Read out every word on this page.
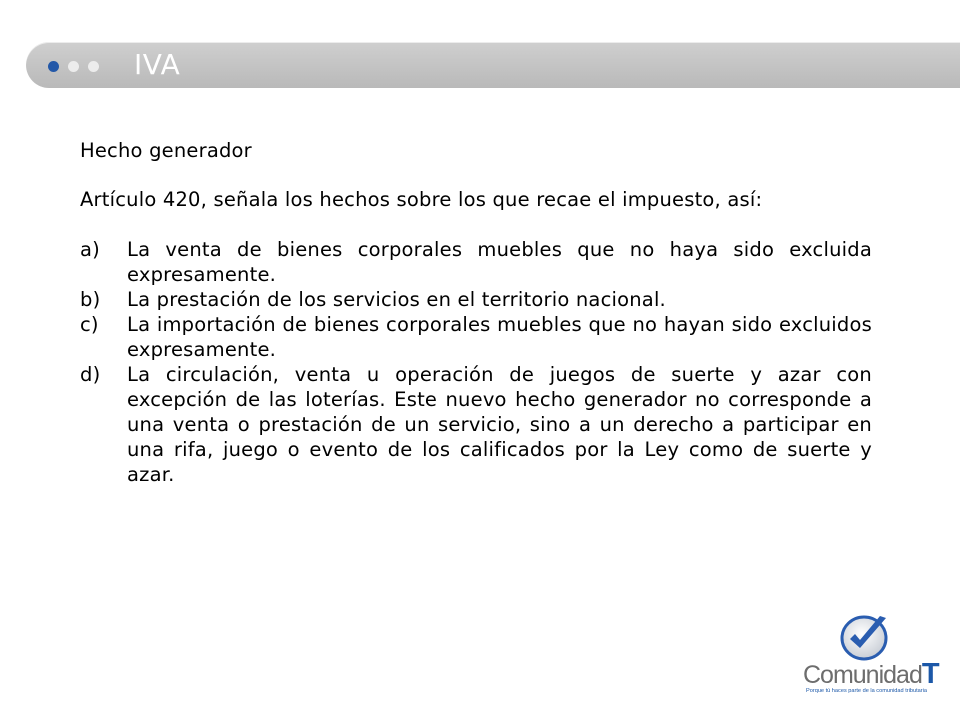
IVA

Hecho generador

Artículo 420, señala los hechos sobre los que recae el impuesto, así:

a) La venta de bienes corporales muebles que no haya sido excluida expresamente.
b) La prestación de los servicios en el territorio nacional.
c) La importación de bienes corporales muebles que no hayan sido excluidos expresamente.
d) La circulación, venta u operación de juegos de suerte y azar con excepción de las loterías. Este nuevo hecho generador no corresponde a una venta o prestación de un servicio, sino a un derecho a participar en una rifa, juego o evento de los calificados por la Ley como de suerte y azar.
ComunidadT
Porque tú haces parte de la comunidad tributaria
